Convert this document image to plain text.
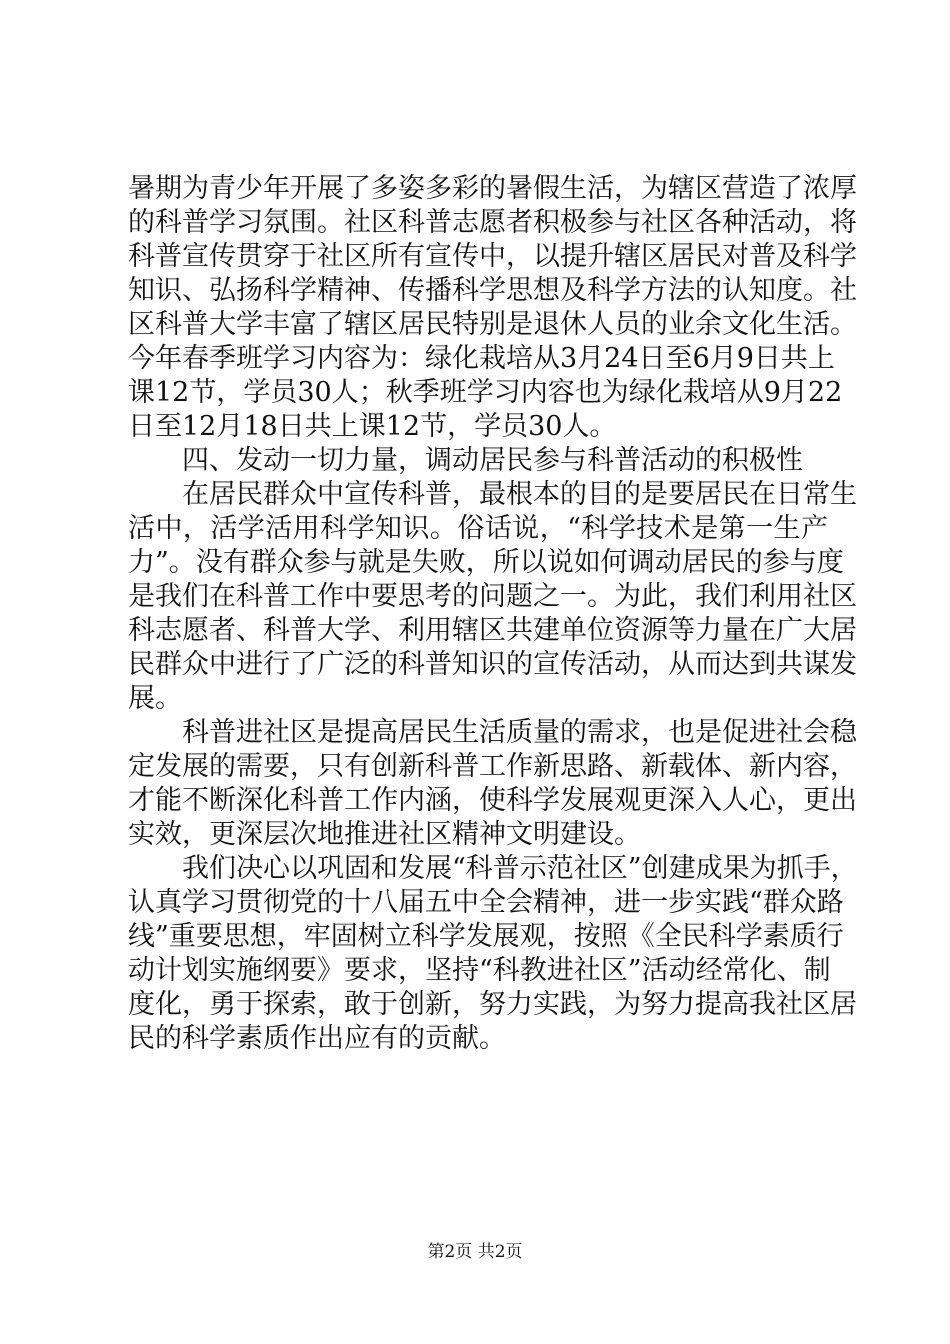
暑期为青少年开展了多姿多彩的暑假生活，为辖区营造了浓厚
的科普学习氛围。社区科普志愿者积极参与社区各种活动，将
科普宣传贯穿于社区所有宣传中，以提升辖区居民对普及科学
知识、弘扬科学精神、传播科学思想及科学方法的认知度。社
区科普大学丰富了辖区居民特别是退休人员的业余文化生活。
今年春季班学习内容为：绿化栽培从3月24日至6月9日共上
课12节，学员30人；秋季班学习内容也为绿化栽培从9月22
日至12月18日共上课12节，学员30人。
四、发动一切力量，调动居民参与科普活动的积极性
在居民群众中宣传科普，最根本的目的是要居民在日常生
活中，活学活用科学知识。俗话说，“科学技术是第一生产
力”。没有群众参与就是失败，所以说如何调动居民的参与度
是我们在科普工作中要思考的问题之一。为此，我们利用社区
科志愿者、科普大学、利用辖区共建单位资源等力量在广大居
民群众中进行了广泛的科普知识的宣传活动，从而达到共谋发
展。
科普进社区是提高居民生活质量的需求，也是促进社会稳
定发展的需要，只有创新科普工作新思路、新载体、新内容，
才能不断深化科普工作内涵，使科学发展观更深入人心，更出
实效，更深层次地推进社区精神文明建设。
我们决心以巩固和发展“科普示范社区”创建成果为抓手，
认真学习贯彻党的十八届五中全会精神，进一步实践“群众路
线”重要思想，牢固树立科学发展观，按照《全民科学素质行
动计划实施纲要》要求，坚持“科教进社区”活动经常化、制
度化，勇于探索，敢于创新，努力实践，为努力提高我社区居
民的科学素质作出应有的贡献。
第2页 共2页
